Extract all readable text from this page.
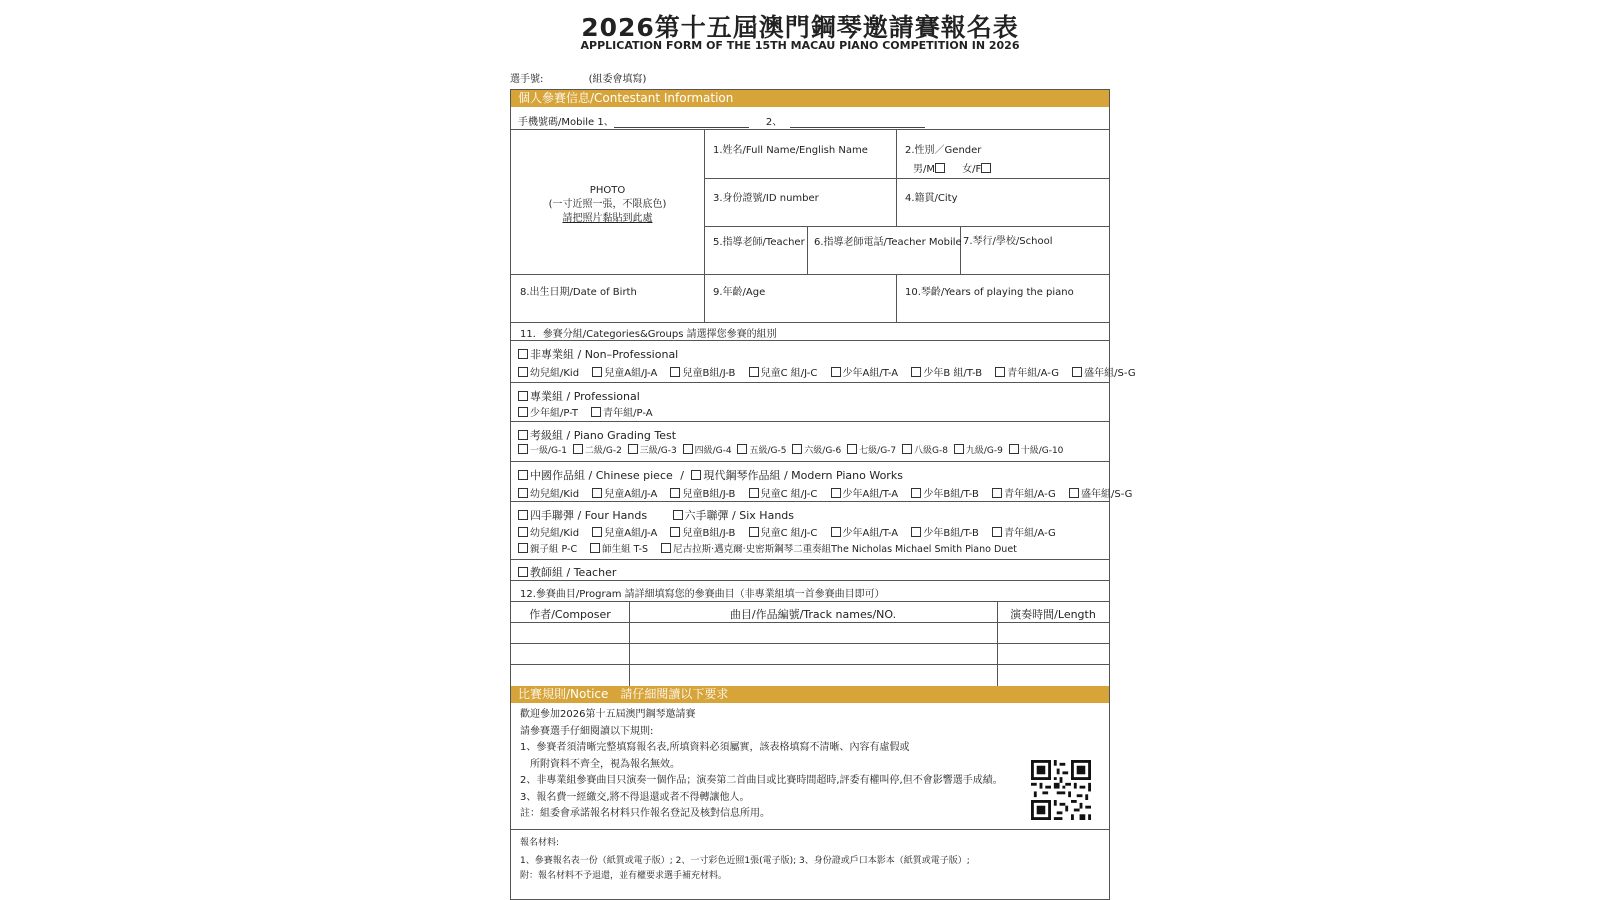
2026第十五屆澳門鋼琴邀請賽報名表
APPLICATION FORM OF THE 15TH MACAU PIANO COMPETITION IN 2026
選手號:	(組委會填寫)
個人參賽信息/Contestant Information
手機號碼/Mobile 1、	2、
PHOTO
(一寸近照一張，不限底色)
請把照片黏貼到此處
1.姓名/Full Name/English Name	2.性別／Gender
男/M	女/F
3.身份證號/ID number	4.籍貫/City
5.指導老師/Teacher 6.指導老師電話/Teacher Mobile 7.琴行/學校/School
8.出生日期/Date of Birth	9.年齡/Age	10.琴齡/Years of playing the piano
11．參賽分組/Categories&Groups 請選擇您參賽的組別
非專業組 / Non–Professional
幼兒組/Kid	兒童A組/J-A	兒童B組/J-B	兒童C 組/J-C	少年A組/T-A	少年B 組/T-B	青年組/A-G	盛年組/S-G
專業組 / Professional
少年組/P-T	青年組/P-A
考級組 / Piano Grading Test
一級/G-1 二級/G-2 三級/G-3 四級/G-4 五級/G-5 六級/G-6 七級/G-7 八級G-8 九級/G-9 十級/G-10
中國作品組 / Chinese piece / 現代鋼琴作品組 / Modern Piano Works
幼兒組/Kid	兒童A組/J-A	兒童B組/J-B	兒童C 組/J-C	少年A組/T-A	少年B組/T-B	青年組/A-G	盛年組/S-G
四手聯彈 / Four Hands	六手聯彈 / Six Hands
幼兒組/Kid	兒童A組/J-A	兒童B組/J-B	兒童C 組/J-C	少年A組/T-A	少年B組/T-B	青年組/A-G
親子組 P-C	師生組 T-S	尼古拉斯·邁克爾·史密斯鋼琴二重奏組The Nicholas Michael Smith Piano Duet
教師組 / Teacher
12.參賽曲目/Program 請詳細填寫您的參賽曲目（非專業組填一首參賽曲目即可）
作者/Composer	曲目/作品編號/Track names/NO.	演奏時間/Length
比賽規則/Notice　請仔細閱讀以下要求

歡迎參加2026第十五屆澳門鋼琴邀請賽

請參賽選手仔細閱讀以下規則:

1、參賽者須清晰完整填寫報名表,所填資料必須屬實，該表格填寫不清晰、內容有虛假或

　所附資料不齊全，視為報名無效。

2、非專業組參賽曲目只演奏一個作品；演奏第二首曲目或比賽時間超時,評委有權叫停,但不會影響選手成績。

3、報名費一經繳交,將不得退還或者不得轉讓他人。

註：組委會承諾報名材料只作報名登記及核對信息所用。

報名材料:
1、參賽報名表一份（紙質或電子版）; 2、一寸彩色近照1張(電子版); 3、身份證或戶口本影本（紙質或電子版）;
附：報名材料不予退還，並有權要求選手補充材料。
